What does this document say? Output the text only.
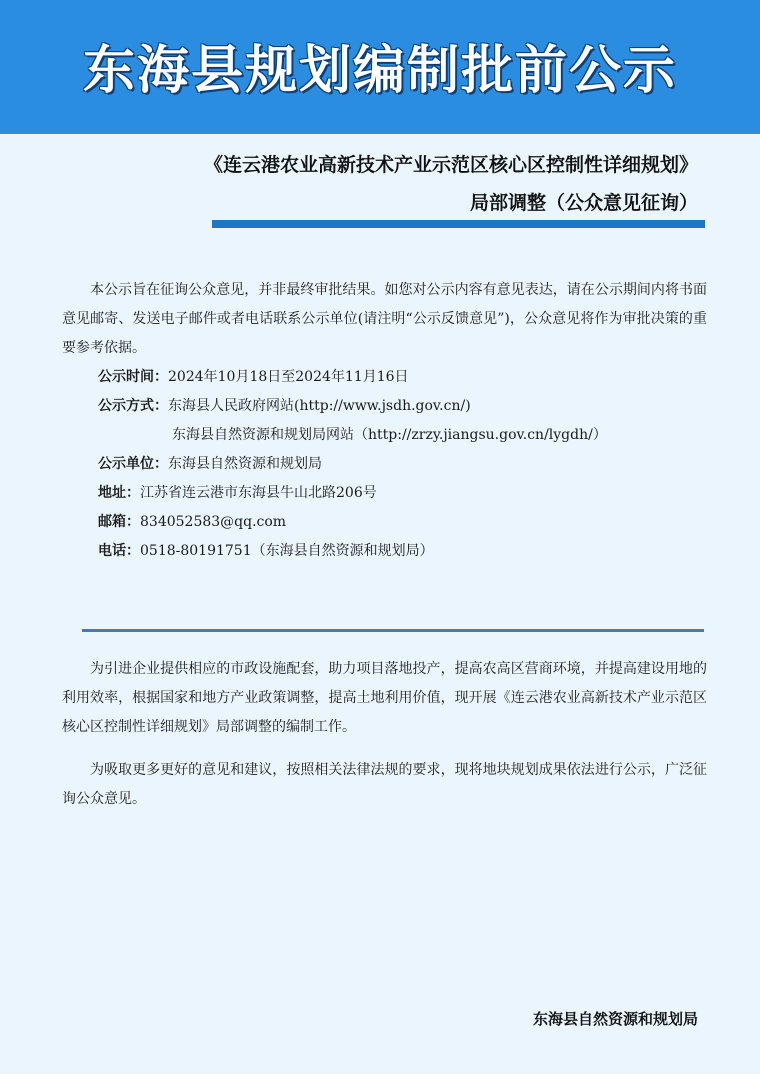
东海县规划编制批前公示
《连云港农业高新技术产业示范区核心区控制性详细规划》
局部调整（公众意见征询）

本公示旨在征询公众意见，并非最终审批结果。如您对公示内容有意见表达，请在公示期间内将书面意见邮寄、发送电子邮件或者电话联系公示单位(请注明“公示反馈意见”)，公众意见将作为审批决策的重要参考依据。

公示时间：2024年10月18日至2024年11月16日

公示方式：东海县人民政府网站(http://www.jsdh.gov.cn/)

东海县自然资源和规划局网站（http://zrzy.jiangsu.gov.cn/lygdh/）

公示单位：东海县自然资源和规划局

地址：江苏省连云港市东海县牛山北路206号

邮箱：834052583@qq.com

电话：0518-80191751（东海县自然资源和规划局）

为引进企业提供相应的市政设施配套，助力项目落地投产，提高农高区营商环境，并提高建设用地的利用效率，根据国家和地方产业政策调整，提高土地利用价值，现开展《连云港农业高新技术产业示范区核心区控制性详细规划》局部调整的编制工作。

为吸取更多更好的意见和建议，按照相关法律法规的要求，现将地块规划成果依法进行公示，广泛征询公众意见。

东海县自然资源和规划局
